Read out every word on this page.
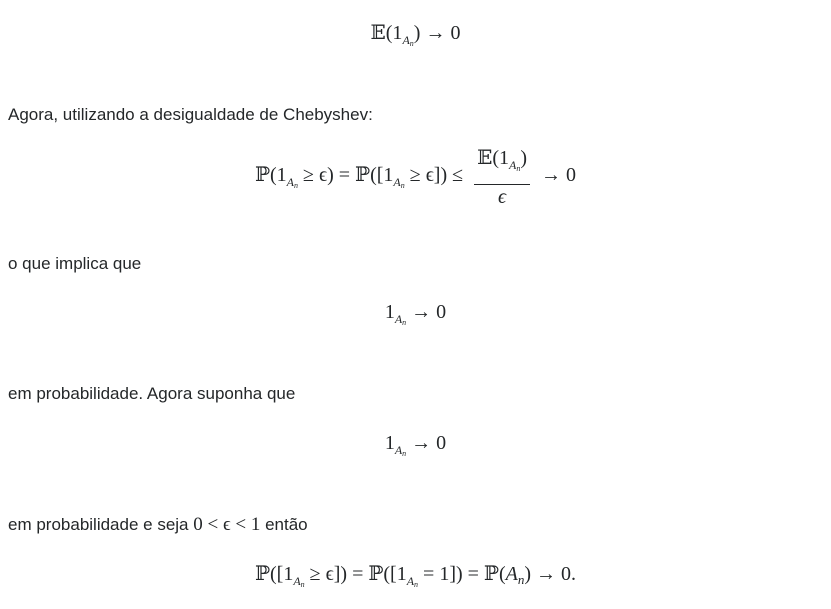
$𝔼(1_{An}) \to 0$
Agora, utilizando a desigualdade de Chebyshev:
$ℙ(1_{An} \ge \epsilon)$ = $ℙ([1_{An} \ge \epsilon]) \le \frac{𝔼(1_{An})}{\epsilon} \to 0$
o que implica que
$1_{An} \to 0$
em probabilidade. Agora suponha que
$1_{An} \to 0$
em probabilidade e seja 0 < ϵ < 1 então
$ℙ([1_{An} \ge \epsilon])$ = $ℙ([1_{An} = 1])$ = $ℙ(A_n) \to 0$.
